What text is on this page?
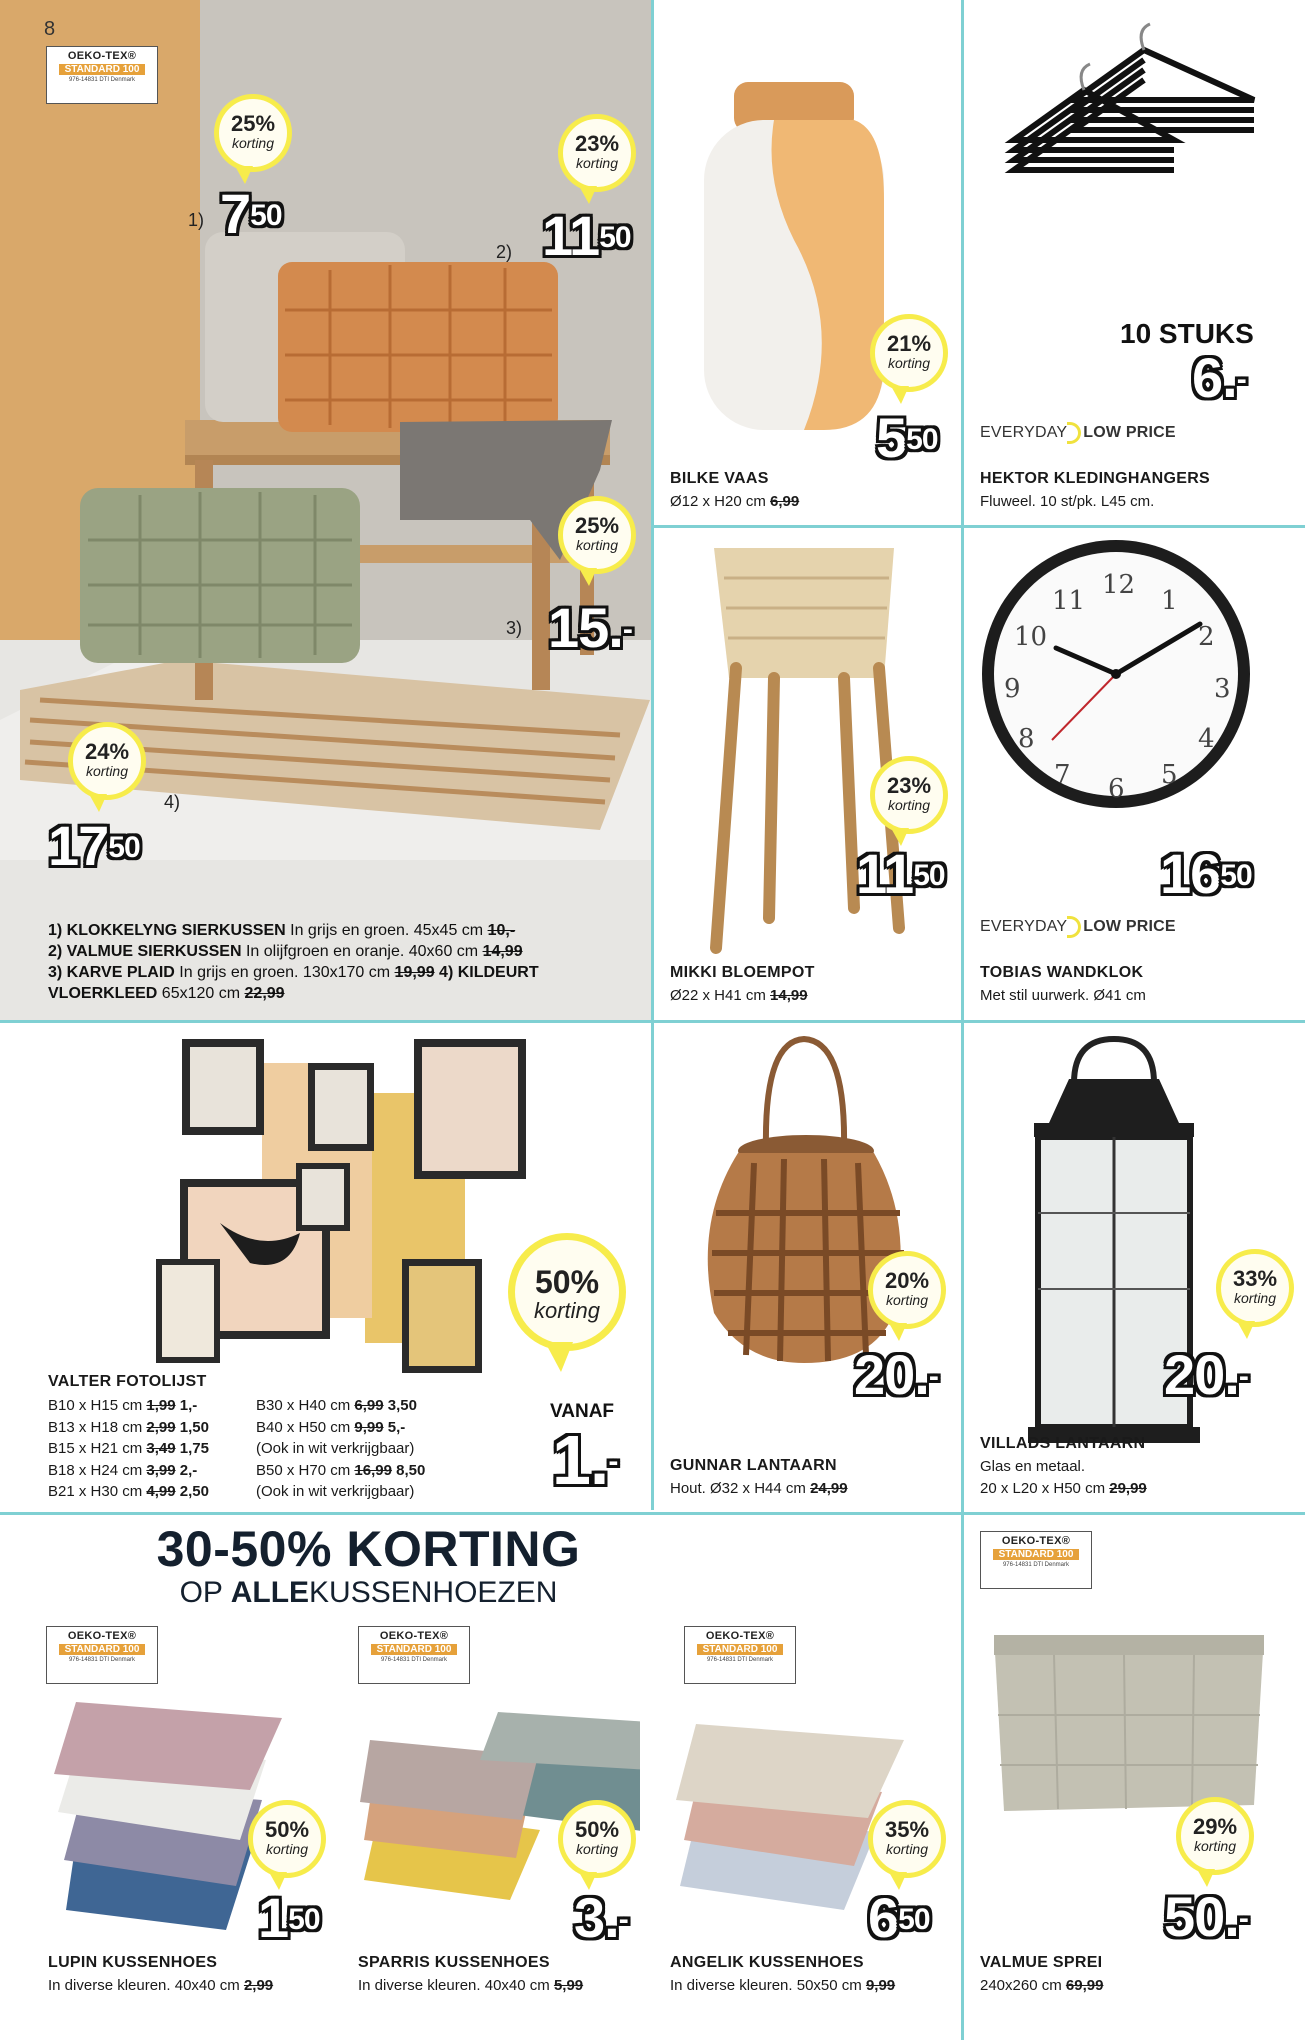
8
OEKO-TEX®
STANDARD 100
976-14831 DTI Denmark
25%
korting	23%
korting
25%
korting
24%
korting
1)
2)
3)
4)
$7^{50}$	$11^{50}$
15.-
$17^{50}$
1) KLOKKELYNG SIERKUSSEN In grijs en groen. 45x45 cm 10,-
2) VALMUE SIERKUSSEN In olijfgroen en oranje. 40x60 cm 14,99
3) KARVE PLAID In grijs en groen. 130x170 cm 19,99 4) KILDEURT VLOERKLEED 65x120 cm 22,99
21%
korting
$5^{50}$
BILKE VAAS
Ø12 x H20 cm 6,99
10 STUKS
6.-
EVERYDAY LOW PRICE
HEKTOR KLEDINGHANGERS
Fluweel. 10 st/pk. L45 cm.
23%
korting
$11^{50}$
MIKKI BLOEMPOT
Ø22 x H41 cm 14,99
12
1
2
3
4
5
6
7
8
9
10
11
$16^{50}$
EVERYDAY LOW PRICE
TOBIAS WANDKLOK
Met stil uurwerk. Ø41 cm
50%
korting
VANAF
1.-
VALTER FOTOLIJST
B10 x H15 cm 1,99 1,-
B13 x H18 cm 2,99 1,50
B15 x H21 cm 3,49 1,75
B18 x H24 cm 3,99 2,-
B21 x H30 cm 4,99 2,50
B30 x H40 cm 6,99 3,50
B40 x H50 cm 9,99 5,-
(Ook in wit verkrijgbaar)
B50 x H70 cm 16,99 8,50
(Ook in wit verkrijgbaar)
20%
korting
20.-
GUNNAR LANTAARN
Hout. Ø32 x H44 cm 24,99
33%
korting
20.-
VILLADS LANTAARN
Glas en metaal.
20 x L20 x H50 cm 29,99
30-50% KORTING
OP ALLEKUSSENHOEZEN
OEKO-TEX®
STANDARD 100
976-14831 DTI Denmark
50%
korting
$1^{50}$
LUPIN KUSSENHOES
In diverse kleuren. 40x40 cm 2,99
OEKO-TEX®
STANDARD 100
976-14831 DTI Denmark
50%
korting
3.-
SPARRIS KUSSENHOES
In diverse kleuren. 40x40 cm 5,99
OEKO-TEX®
STANDARD 100
976-14831 DTI Denmark
35%
korting
$6^{50}$
ANGELIK KUSSENHOES
In diverse kleuren. 50x50 cm 9,99
OEKO-TEX®
STANDARD 100
976-14831 DTI Denmark
29%
korting
50.-
VALMUE SPREI
240x260 cm 69,99
